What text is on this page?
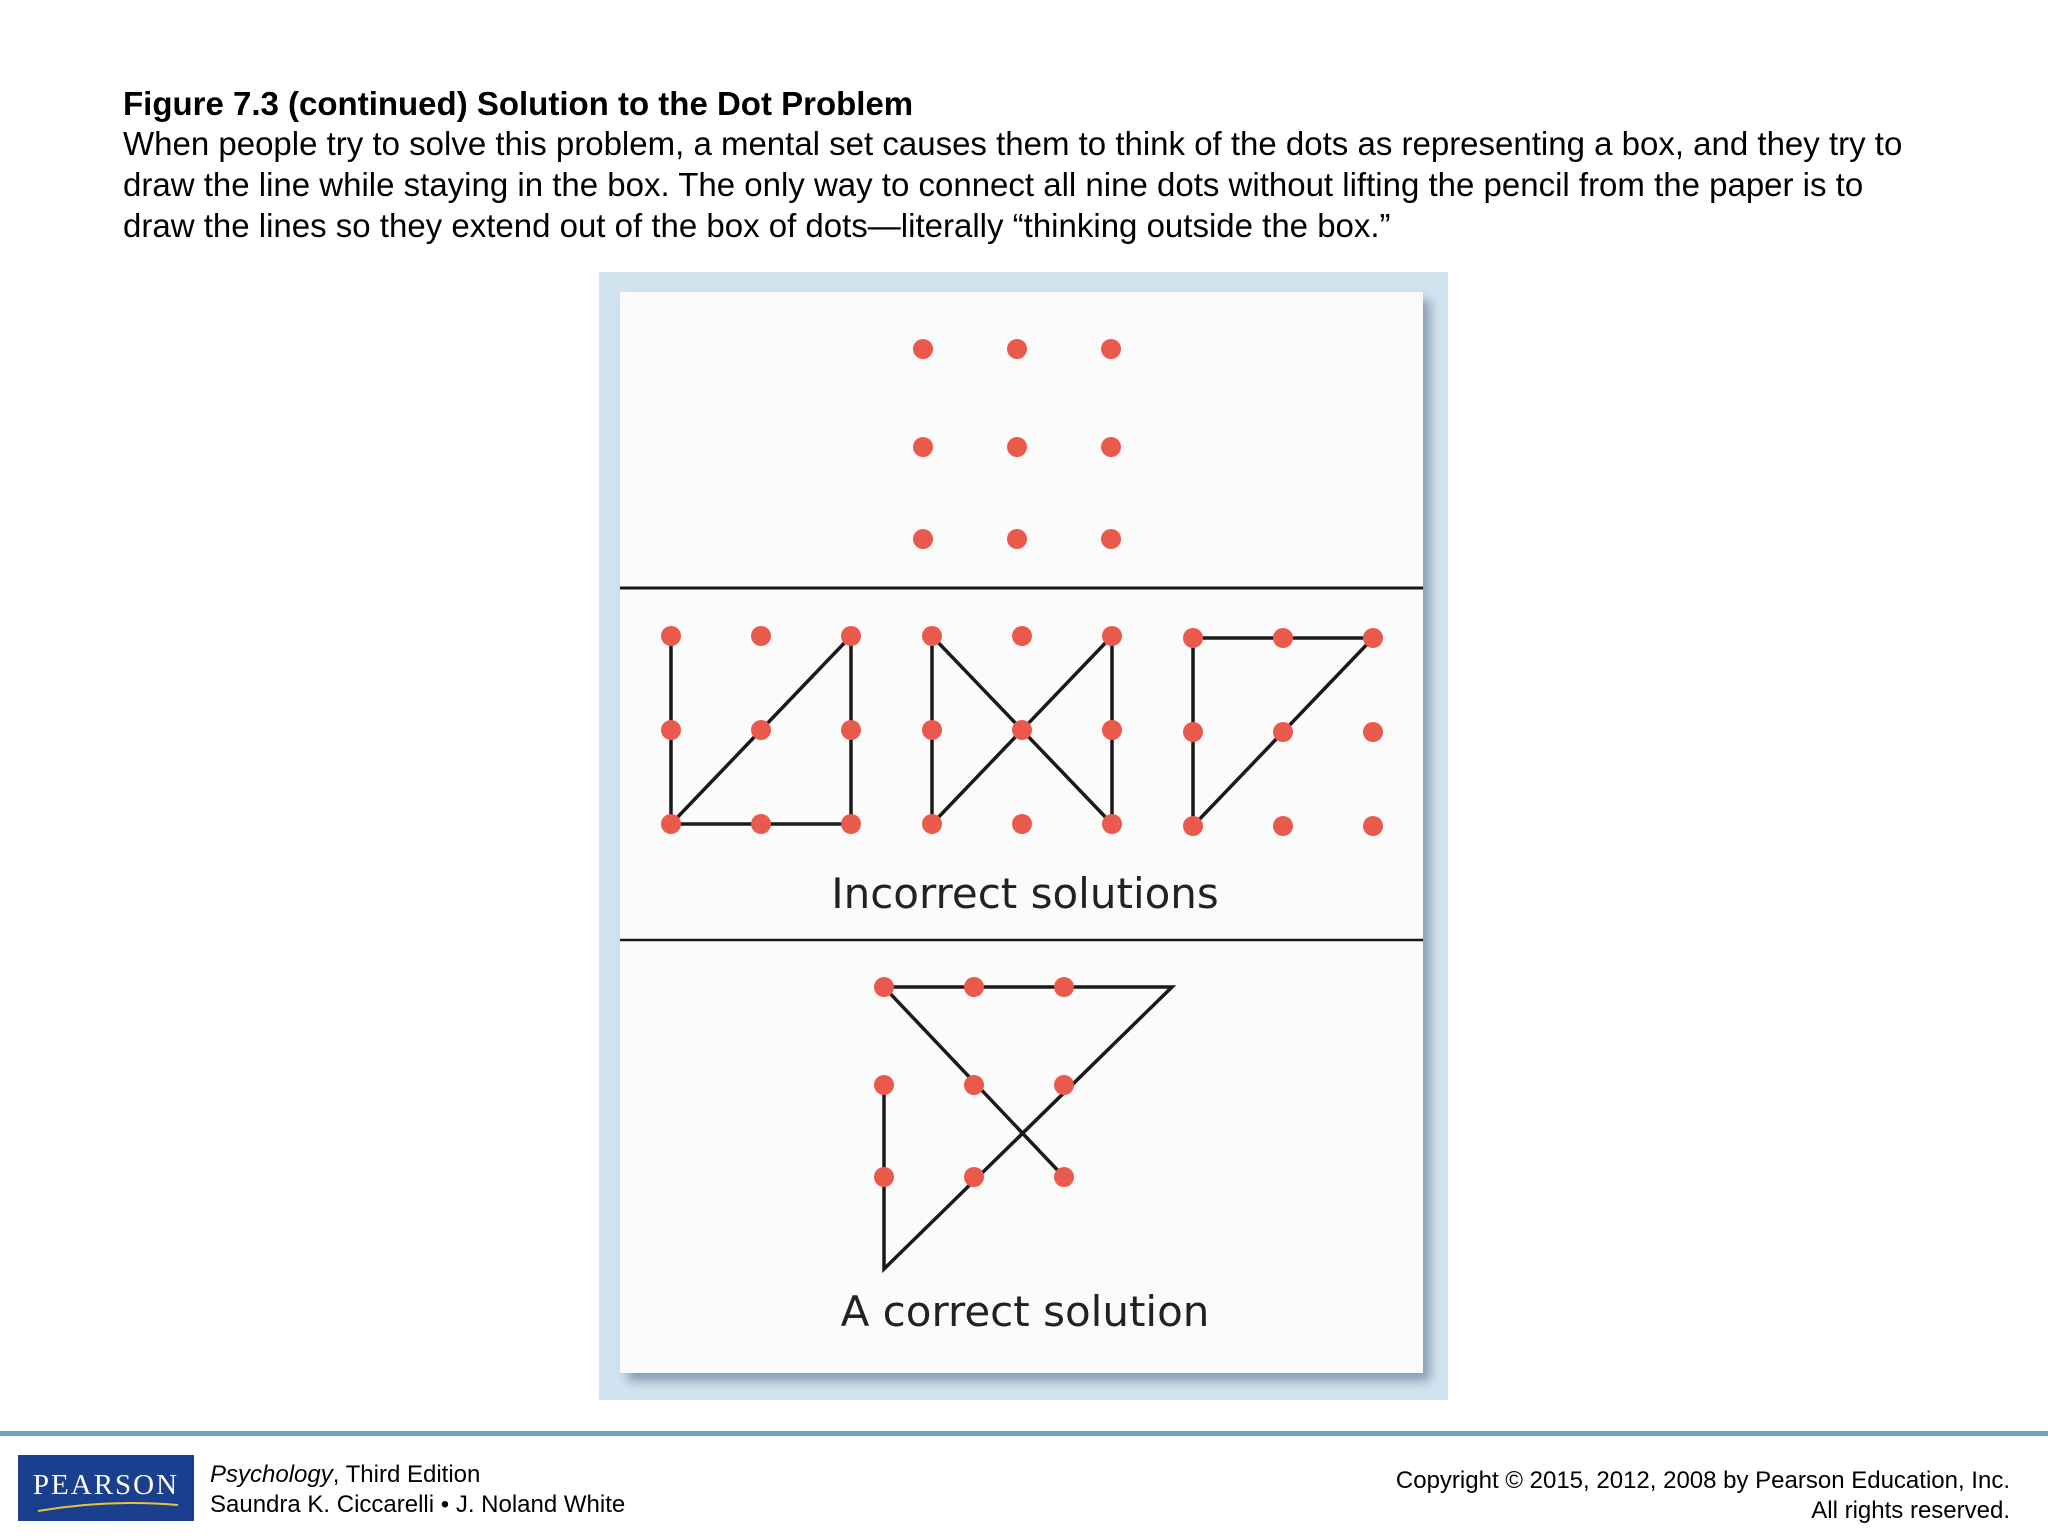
Figure 7.3 (continued) Solution to the Dot Problem

When people try to solve this problem, a mental set causes them to think of the dots as representing a box, and they try to draw the line while staying in the box. The only way to connect all nine dots without lifting the pencil from the paper is to draw the lines so they extend out of the box of dots—literally “thinking outside the box.”

Incorrect solutions
A correct solution
PEARSON	Psychology, Third Edition
Saundra K. Ciccarelli • J. Noland White
Copyright © 2015, 2012, 2008 by Pearson Education, Inc.
All rights reserved.
